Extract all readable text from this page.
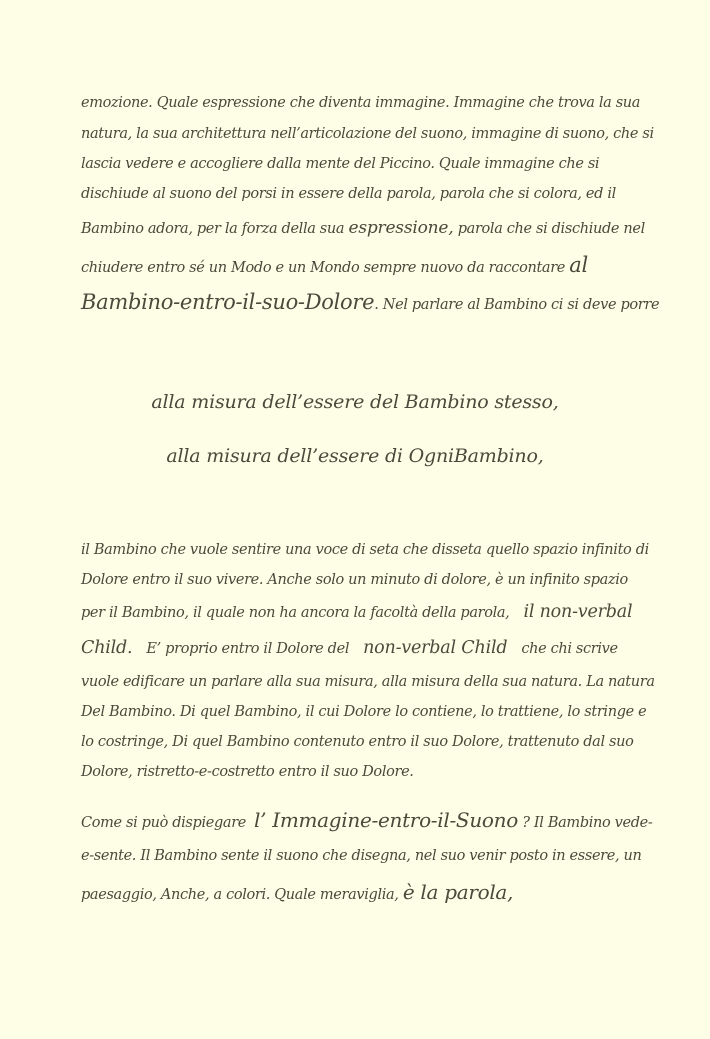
emozione. Quale espressione che diventa immagine. Immagine che trova la sua
natura, la sua architettura nell’articolazione del suono, immagine di suono, che si
lascia vedere e accogliere dalla mente del Piccino. Quale immagine che si
dischiude al suono del porsi in essere della parola, parola che si colora, ed il
Bambino adora, per la forza della sua espressione, parola che si dischiude nel
chiudere entro sé un Modo e un Mondo sempre nuovo da raccontare al
Bambino-entro-il-suo-Dolore. Nel parlare al Bambino ci si deve porre
alla misura dell’essere del Bambino stesso,
alla misura dell’essere di OgniBambino,
il Bambino che vuole sentire una voce di seta che disseta quello spazio infinito di
Dolore entro il suo vivere. Anche solo un minuto di dolore, è un infinito spazio
per il Bambino, il quale non ha ancora la facoltà della parola, il non-verbal
Child. E’ proprio entro il Dolore del non-verbal Child che chi scrive
vuole edificare un parlare alla sua misura, alla misura della sua natura. La natura
Del Bambino. Di quel Bambino, il cui Dolore lo contiene, lo trattiene, lo stringe e
lo costringe, Di quel Bambino contenuto entro il suo Dolore, trattenuto dal suo
Dolore, ristretto-e-costretto entro il suo Dolore.
Come si può dispiegare l’ Immagine-entro-il-Suono ? Il Bambino vede-
e-sente. Il Bambino sente il suono che disegna, nel suo venir posto in essere, un
paesaggio, Anche, a colori. Quale meraviglia, è la parola,
